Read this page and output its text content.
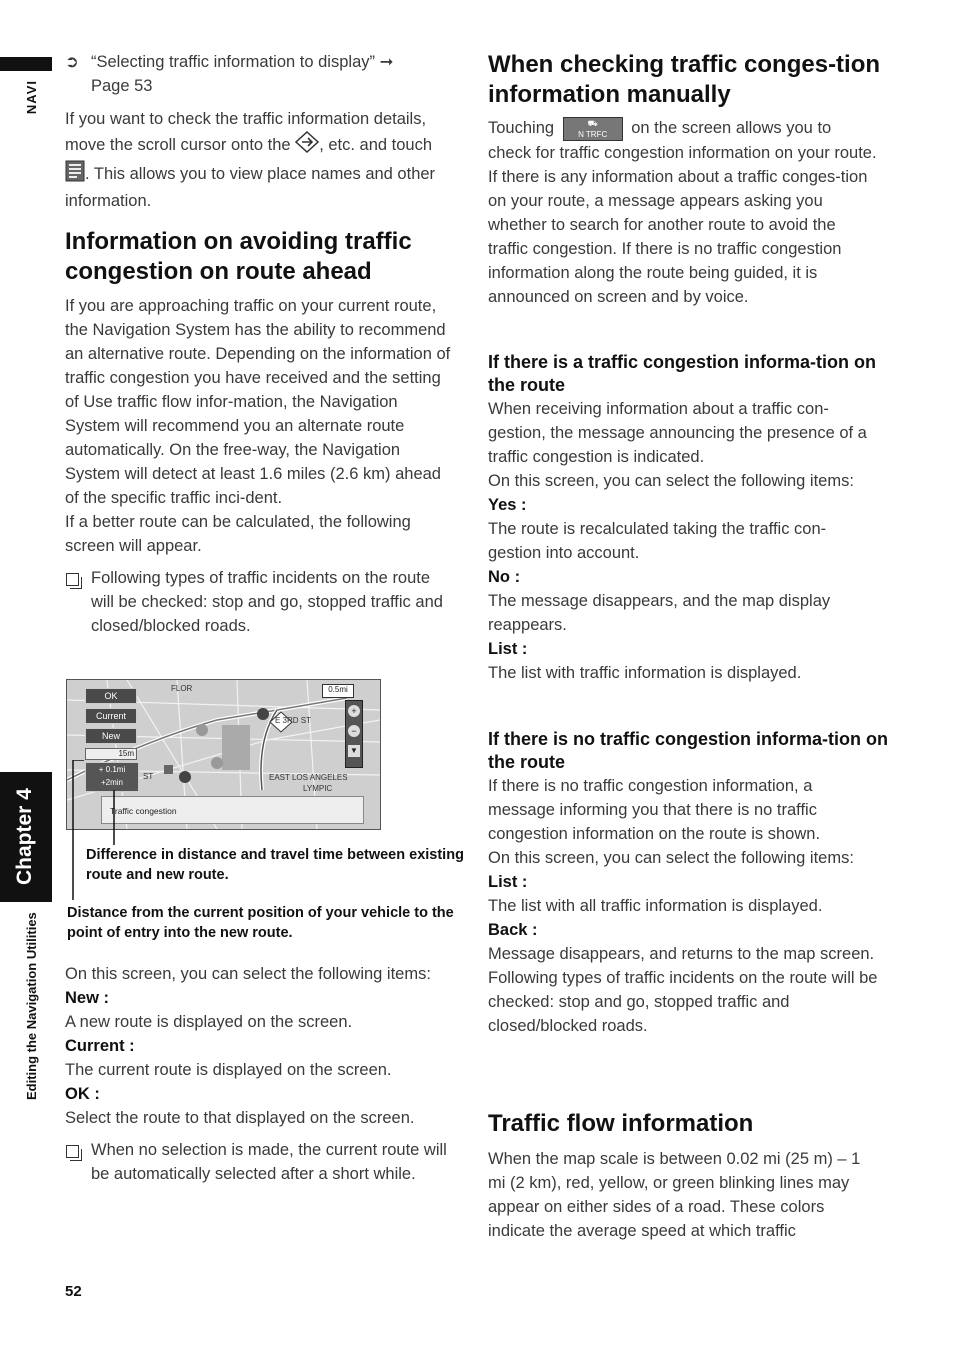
NAVI
Chapter 4
Editing the Navigation Utilities
52
➲ “Selecting traffic information to display” ➞
Page 53
If you want to check the traffic information details, move the scroll cursor onto the , etc. and touch . This allows you to view place names and other information.
Information on avoiding traffic congestion on route ahead

If you are approaching traffic on your current route, the Navigation System has the ability to recommend an alternative route. Depending on the information of traffic congestion you have received and the setting of Use traffic flow infor-mation, the Navigation System will recommend you an alternate route automatically. On the free-way, the Navigation System will detect at least 1.6 miles (2.6 km) ahead of the specific traffic inci-dent.

If a better route can be calculated, the following screen will appear.

Following types of traffic incidents on the route will be checked: stop and go, stopped traffic and closed/blocked roads.
OK
Current
New
15m
+ 0.1mi
+2min
0.5mi
+
−
▼
FLOR
E 3RD ST
EAST LOS ANGELES
LYMPIC
ST
Traffic congestion
Difference in distance and travel time between existing route and new route.
Distance from the current position of your vehicle to the point of entry into the new route.

On this screen, you can select the following items:

New :
A new route is displayed on the screen.
Current :
The current route is displayed on the screen.
OK :
Select the route to that displayed on the screen.
When no selection is made, the current route will be automatically selected after a short while.
When checking traffic conges-tion information manually

Touching	⛟
N TRFC on the screen allows you to check for traffic congestion information on your route.

If there is any information about a traffic conges-tion on your route, a message appears asking you whether to search for another route to avoid the traffic congestion. If there is no traffic congestion information along the route being guided, it is announced on screen and by voice.

If there is a traffic congestion informa-tion on the route

When receiving information about a traffic con-gestion, the message announcing the presence of a traffic congestion is indicated.

On this screen, you can select the following items:

Yes :
The route is recalculated taking the traffic con-gestion into account.
No :
The message disappears, and the map display reappears.
List :
The list with traffic information is displayed.
If there is no traffic congestion informa-tion on the route

If there is no traffic congestion information, a message informing you that there is no traffic congestion information on the route is shown.

On this screen, you can select the following items:

List :
The list with all traffic information is displayed.
Back :
Message disappears, and returns to the map screen.

Following types of traffic incidents on the route will be checked: stop and go, stopped traffic and closed/blocked roads.

Traffic flow information

When the map scale is between 0.02 mi (25 m) – 1 mi (2 km), red, yellow, or green blinking lines may appear on either sides of a road. These colors indicate the average speed at which traffic
